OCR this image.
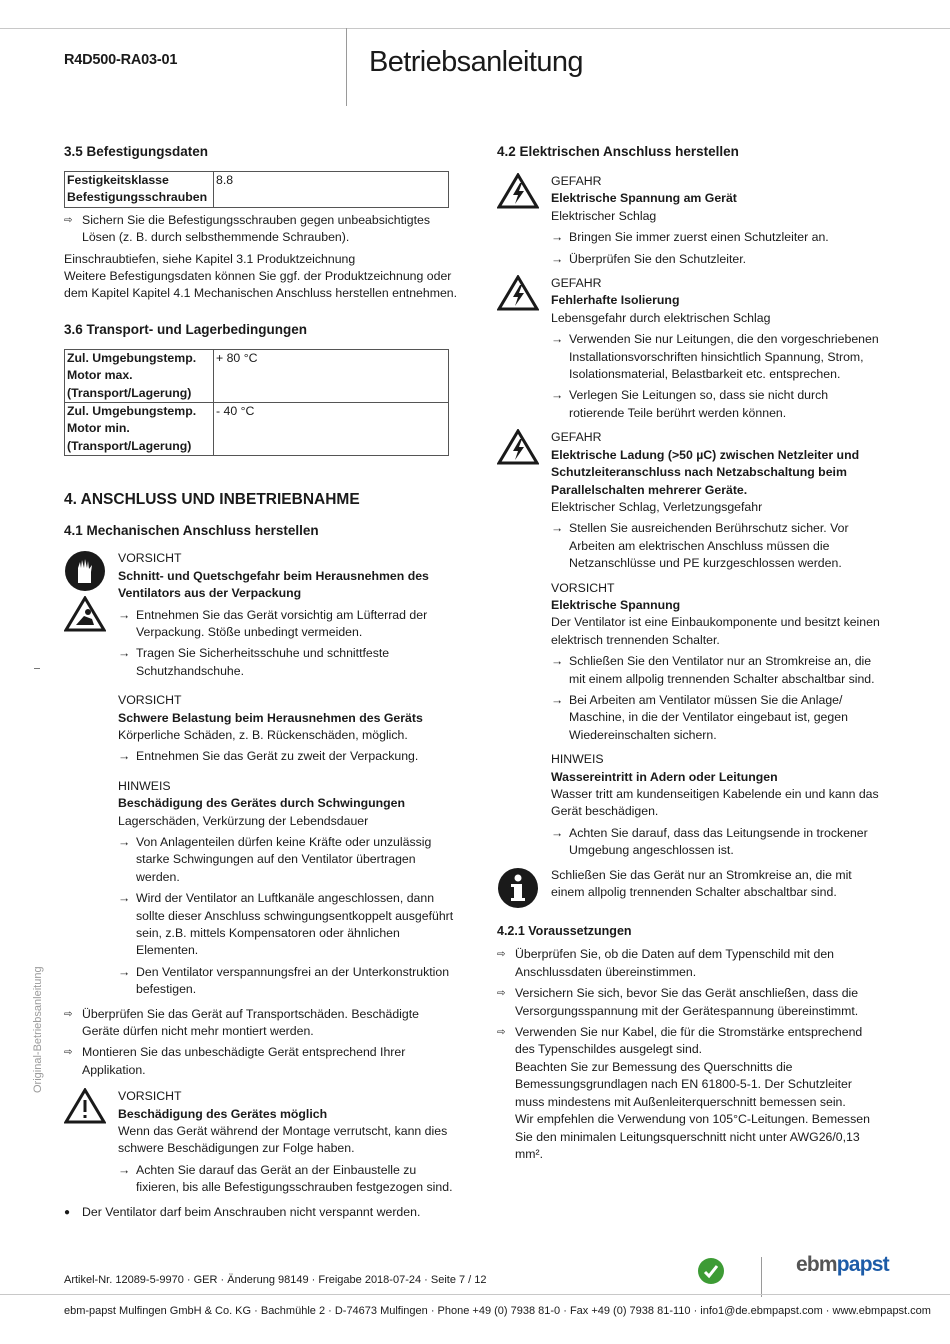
R4D500-RA03-01	Betriebsanleitung
Original-Betriebsanleitung
3.5 Befestigungsdaten
Festigkeitsklasse Befestigungsschrauben	8.8
⇨ Sichern Sie die Befestigungsschrauben gegen unbeabsichtigtes Lösen (z. B. durch selbsthemmende Schrauben).

Einschraubtiefen, siehe Kapitel 3.1 Produktzeichnung

Weitere Befestigungsdaten können Sie ggf. der Produktzeichnung oder dem Kapitel Kapitel 4.1 Mechanischen Anschluss herstellen entnehmen.

3.6 Transport- und Lagerbedingungen
Zul. Umgebungstemp. Motor max. (Transport/Lagerung)	+ 80 °C
Zul. Umgebungstemp. Motor min. (Transport/Lagerung)	- 40 °C
4. ANSCHLUSS UND INBETRIEBNAHME
4.1 Mechanischen Anschluss herstellen
VORSICHT
Schnitt- und Quetschgefahr beim Herausnehmen des Ventilators aus der Verpackung
→ Entnehmen Sie das Gerät vorsichtig am Lüfterrad der Verpackung. Stöße unbedingt vermeiden.
→ Tragen Sie Sicherheitsschuhe und schnittfeste Schutzhandschuhe.
VORSICHT
Schwere Belastung beim Herausnehmen des Geräts
Körperliche Schäden, z. B. Rückenschäden, möglich.
→ Entnehmen Sie das Gerät zu zweit der Verpackung.
HINWEIS
Beschädigung des Gerätes durch Schwingungen
Lagerschäden, Verkürzung der Lebendsdauer
→ Von Anlagenteilen dürfen keine Kräfte oder unzulässig starke Schwingungen auf den Ventilator übertragen werden.
→ Wird der Ventilator an Luftkanäle angeschlossen, dann sollte dieser Anschluss schwingungsentkoppelt ausgeführt sein, z.B. mittels Kompensatoren oder ähnlichen Elementen.
→ Den Ventilator verspannungsfrei an der Unterkonstruktion befestigen.
⇨ Überprüfen Sie das Gerät auf Transportschäden. Beschädigte Geräte dürfen nicht mehr montiert werden.
⇨ Montieren Sie das unbeschädigte Gerät entsprechend Ihrer Applikation.
VORSICHT
Beschädigung des Gerätes möglich
Wenn das Gerät während der Montage verrutscht, kann dies schwere Beschädigungen zur Folge haben.
→ Achten Sie darauf das Gerät an der Einbaustelle zu fixieren, bis alle Befestigungsschrauben festgezogen sind.
● Der Ventilator darf beim Anschrauben nicht verspannt werden.
4.2 Elektrischen Anschluss herstellen
GEFAHR
Elektrische Spannung am Gerät
Elektrischer Schlag
→ Bringen Sie immer zuerst einen Schutzleiter an.
→ Überprüfen Sie den Schutzleiter.
GEFAHR
Fehlerhafte Isolierung
Lebensgefahr durch elektrischen Schlag
→ Verwenden Sie nur Leitungen, die den vorgeschriebenen Installationsvorschriften hinsichtlich Spannung, Strom, Isolationsmaterial, Belastbarkeit etc. entsprechen.
→ Verlegen Sie Leitungen so, dass sie nicht durch rotierende Teile berührt werden können.
GEFAHR
Elektrische Ladung (>50 µC) zwischen Netzleiter und Schutzleiteranschluss nach Netzabschaltung beim Parallelschalten mehrerer Geräte.
Elektrischer Schlag, Verletzungsgefahr
→ Stellen Sie ausreichenden Berührschutz sicher. Vor Arbeiten am elektrischen Anschluss müssen die Netzanschlüsse und PE kurzgeschlossen werden.
VORSICHT
Elektrische Spannung
Der Ventilator ist eine Einbaukomponente und besitzt keinen elektrisch trennenden Schalter.
→ Schließen Sie den Ventilator nur an Stromkreise an, die mit einem allpolig trennenden Schalter abschaltbar sind.
→ Bei Arbeiten am Ventilator müssen Sie die Anlage/ Maschine, in die der Ventilator eingebaut ist, gegen Wiedereinschalten sichern.
HINWEIS
Wassereintritt in Adern oder Leitungen
Wasser tritt am kundenseitigen Kabelende ein und kann das Gerät beschädigen.
→ Achten Sie darauf, dass das Leitungsende in trockener Umgebung angeschlossen ist.
Schließen Sie das Gerät nur an Stromkreise an, die mit einem allpolig trennenden Schalter abschaltbar sind.
4.2.1 Voraussetzungen
⇨ Überprüfen Sie, ob die Daten auf dem Typenschild mit den Anschlussdaten übereinstimmen.
⇨ Versichern Sie sich, bevor Sie das Gerät anschließen, dass die Versorgungsspannung mit der Gerätespannung übereinstimmt.
⇨ Verwenden Sie nur Kabel, die für die Stromstärke entsprechend des Typenschildes ausgelegt sind.
Beachten Sie zur Bemessung des Querschnitts die Bemessungsgrundlagen nach EN 61800-5-1. Der Schutzleiter muss mindestens mit Außenleiterquerschnitt bemessen sein.
Wir empfehlen die Verwendung von 105°C-Leitungen. Bemessen Sie den minimalen Leitungsquerschnitt nicht unter AWG26/0,13 mm².
Artikel-Nr. 12089-5-9970 · GER · Änderung 98149 · Freigabe 2018-07-24 · Seite 7 / 12
ebmpapst
ebm-papst Mulfingen GmbH & Co. KG · Bachmühle 2 · D-74673 Mulfingen · Phone +49 (0) 7938 81-0 · Fax +49 (0) 7938 81-110 · info1@de.ebmpapst.com · www.ebmpapst.com
